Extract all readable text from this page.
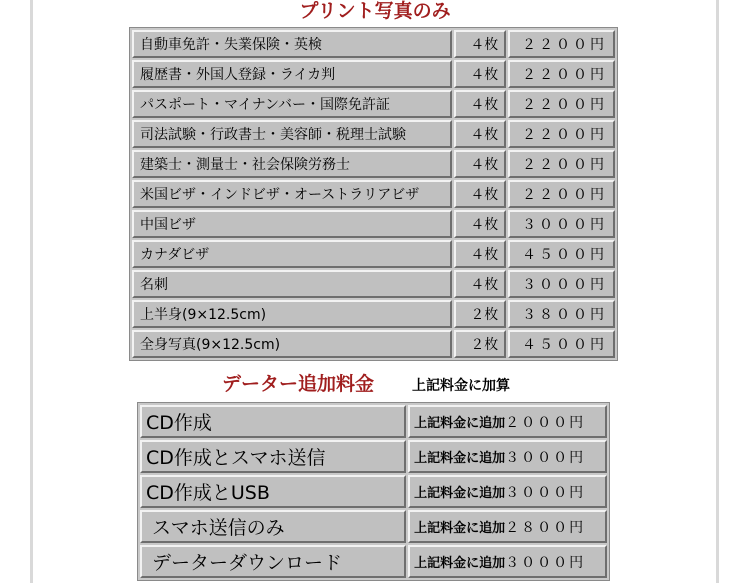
プリント写真のみ
自動車免許・失業保険・英検	４枚	２２００円
履歴書・外国人登録・ライカ判	４枚	２２００円
パスポート・マイナンバー・国際免許証	４枚	２２００円
司法試験・行政書士・美容師・税理士試験	４枚	２２００円
建築士・測量士・社会保険労務士	４枚	２２００円
米国ビザ・インドビザ・オーストラリアビザ	４枚	２２００円
中国ビザ	４枚	３０００円
カナダビザ	４枚	４５００円
名刺	４枚	３０００円
上半身(9×12.5cm)	２枚	３８００円
全身写真(9×12.5cm)	２枚	４５００円
データー追加料金	上記料金に加算
CD作成	上記料金に追加２０００円
CD作成とスマホ送信	上記料金に追加３０００円
CD作成とUSB	上記料金に追加３０００円
スマホ送信のみ	上記料金に追加２８００円
データーダウンロード	上記料金に追加３０００円
